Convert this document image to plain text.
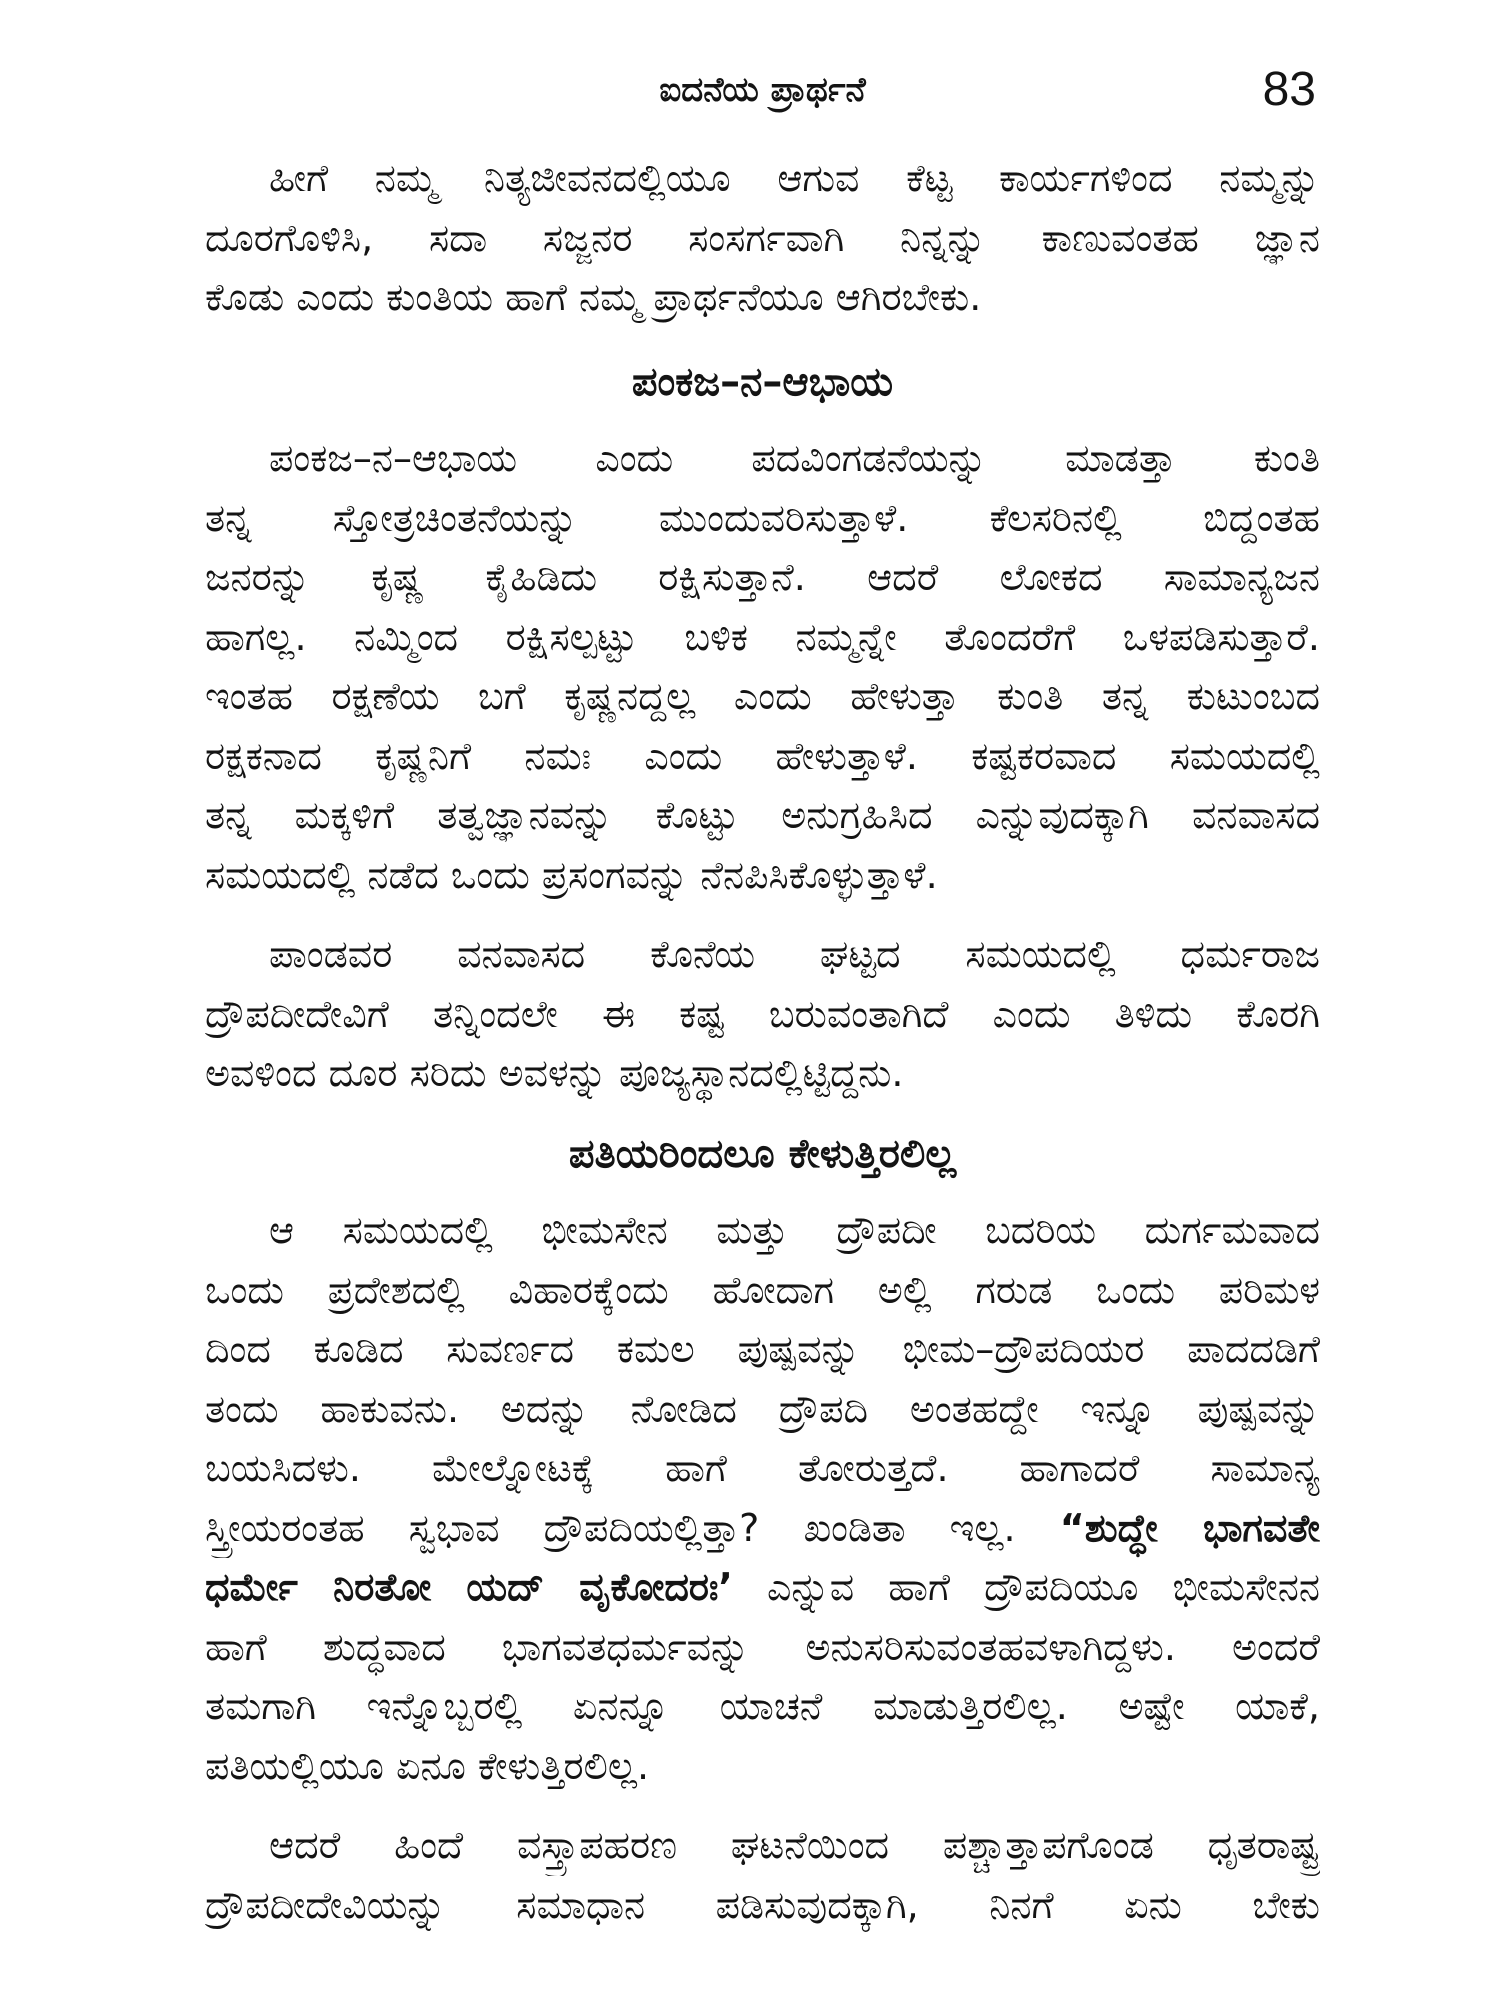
ಐದನೆಯ ಪ್ರಾರ್ಥನೆ	83
ಹೀಗೆ ನಮ್ಮ ನಿತ್ಯಜೀವನದಲ್ಲಿಯೂ ಆಗುವ ಕೆಟ್ಟ ಕಾರ್ಯಗಳಿಂದ ನಮ್ಮನ್ನು
ದೂರಗೊಳಿಸಿ, ಸದಾ ಸಜ್ಜನರ ಸಂಸರ್ಗವಾಗಿ ನಿನ್ನನ್ನು ಕಾಣುವಂತಹ ಜ್ಞಾನ
ಕೊಡು ಎಂದು ಕುಂತಿಯ ಹಾಗೆ ನಮ್ಮ ಪ್ರಾರ್ಥನೆಯೂ ಆಗಿರಬೇಕು.
ಪಂಕಜ–ನ–ಆಭಾಯ
ಪಂಕಜ–ನ–ಆಭಾಯ ಎಂದು ಪದವಿಂಗಡನೆಯನ್ನು ಮಾಡತ್ತಾ ಕುಂತಿ
ತನ್ನ ಸ್ತೋತ್ರಚಿಂತನೆಯನ್ನು ಮುಂದುವರಿಸುತ್ತಾಳೆ. ಕೆಲಸರಿನಲ್ಲಿ ಬಿದ್ದಂತಹ
ಜನರನ್ನು ಕೃಷ್ಣ ಕೈಹಿಡಿದು ರಕ್ಷಿಸುತ್ತಾನೆ. ಆದರೆ ಲೋಕದ ಸಾಮಾನ್ಯಜನ
ಹಾಗಲ್ಲ. ನಮ್ಮಿಂದ ರಕ್ಷಿಸಲ್ಪಟ್ಟು ಬಳಿಕ ನಮ್ಮನ್ನೇ ತೊಂದರೆಗೆ ಒಳಪಡಿಸುತ್ತಾರೆ.
ಇಂತಹ ರಕ್ಷಣೆಯ ಬಗೆ ಕೃಷ್ಣನದ್ದಲ್ಲ ಎಂದು ಹೇಳುತ್ತಾ ಕುಂತಿ ತನ್ನ ಕುಟುಂಬದ
ರಕ್ಷಕನಾದ ಕೃಷ್ಣನಿಗೆ ನಮಃ ಎಂದು ಹೇಳುತ್ತಾಳೆ. ಕಷ್ಟಕರವಾದ ಸಮಯದಲ್ಲಿ
ತನ್ನ ಮಕ್ಕಳಿಗೆ ತತ್ವಜ್ಞಾನವನ್ನು ಕೊಟ್ಟು ಅನುಗ್ರಹಿಸಿದ ಎನ್ನುವುದಕ್ಕಾಗಿ ವನವಾಸದ
ಸಮಯದಲ್ಲಿ ನಡೆದ ಒಂದು ಪ್ರಸಂಗವನ್ನು ನೆನಪಿಸಿಕೊಳ್ಳುತ್ತಾಳೆ.
ಪಾಂಡವರ ವನವಾಸದ ಕೊನೆಯ ಘಟ್ಟದ ಸಮಯದಲ್ಲಿ ಧರ್ಮರಾಜ
ದ್ರೌಪದೀದೇವಿಗೆ ತನ್ನಿಂದಲೇ ಈ ಕಷ್ಟ ಬರುವಂತಾಗಿದೆ ಎಂದು ತಿಳಿದು ಕೊರಗಿ
ಅವಳಿಂದ ದೂರ ಸರಿದು ಅವಳನ್ನು ಪೂಜ್ಯಸ್ಥಾನದಲ್ಲಿಟ್ಟಿದ್ದನು.
ಪತಿಯರಿಂದಲೂ ಕೇಳುತ್ತಿರಲಿಲ್ಲ
ಆ ಸಮಯದಲ್ಲಿ ಭೀಮಸೇನ ಮತ್ತು ದ್ರೌಪದೀ ಬದರಿಯ ದುರ್ಗಮವಾದ
ಒಂದು ಪ್ರದೇಶದಲ್ಲಿ ವಿಹಾರಕ್ಕೆಂದು ಹೋದಾಗ ಅಲ್ಲಿ ಗರುಡ ಒಂದು ಪರಿಮಳ
ದಿಂದ ಕೂಡಿದ ಸುವರ್ಣದ ಕಮಲ ಪುಷ್ಪವನ್ನು ಭೀಮ–ದ್ರೌಪದಿಯರ ಪಾದದಡಿಗೆ
ತಂದು ಹಾಕುವನು. ಅದನ್ನು ನೋಡಿದ ದ್ರೌಪದಿ ಅಂತಹದ್ದೇ ಇನ್ನೂ ಪುಷ್ಪವನ್ನು
ಬಯಸಿದಳು. ಮೇಲ್ನೋಟಕ್ಕೆ ಹಾಗೆ ತೋರುತ್ತದೆ. ಹಾಗಾದರೆ ಸಾಮಾನ್ಯ
ಸ್ತ್ರೀಯರಂತಹ ಸ್ವಭಾವ ದ್ರೌಪದಿಯಲ್ಲಿತ್ತಾ? ಖಂಡಿತಾ ಇಲ್ಲ. “ಶುದ್ಧೇ ಭಾಗವತೇ
ಧರ್ಮೇ ನಿರತೋ ಯದ್ ವೃಕೋದರಃ’ ಎನ್ನುವ ಹಾಗೆ ದ್ರೌಪದಿಯೂ ಭೀಮಸೇನನ
ಹಾಗೆ ಶುದ್ಧವಾದ ಭಾಗವತಧರ್ಮವನ್ನು ಅನುಸರಿಸುವಂತಹವಳಾಗಿದ್ದಳು. ಅಂದರೆ
ತಮಗಾಗಿ ಇನ್ನೊಬ್ಬರಲ್ಲಿ ಏನನ್ನೂ ಯಾಚನೆ ಮಾಡುತ್ತಿರಲಿಲ್ಲ. ಅಷ್ಟೇ ಯಾಕೆ,
ಪತಿಯಲ್ಲಿಯೂ ಏನೂ ಕೇಳುತ್ತಿರಲಿಲ್ಲ.
ಆದರೆ ಹಿಂದೆ ವಸ್ತ್ರಾಪಹರಣ ಘಟನೆಯಿಂದ ಪಶ್ಚಾತ್ತಾಪಗೊಂಡ ಧೃತರಾಷ್ಟ್ರ
ದ್ರೌಪದೀದೇವಿಯನ್ನು ಸಮಾಧಾನ ಪಡಿಸುವುದಕ್ಕಾಗಿ, ನಿನಗೆ ಏನು ಬೇಕು
